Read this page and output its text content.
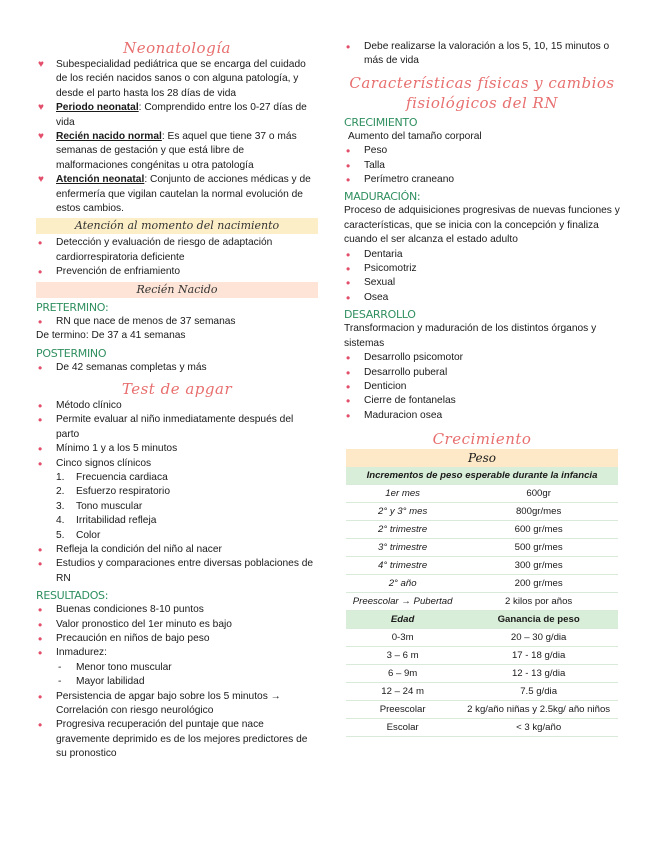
Neonatología
♥ Subespecialidad pediátrica que se encarga del cuidado de los recién nacidos sanos o con alguna patología, y desde el parto hasta los 28 días de vida
♥ Periodo neonatal: Comprendido entre los 0-27 días de vida
♥ Recién nacido normal: Es aquel que tiene 37 o más semanas de gestación y que está libre de malformaciones congénitas u otra patología
♥ Atención neonatal: Conjunto de acciones médicas y de enfermería que vigilan cautelan la normal evolución de estos cambios.
Atención al momento del nacimiento
• Detección y evaluación de riesgo de adaptación cardiorrespiratoria deficiente
• Prevención de enfriamiento
Recién Nacido
PRETERMINO:
• RN que nace de menos de 37 semanas

De termino: De 37 a 41 semanas

POSTERMINO
• De 42 semanas completas y más
Test de apgar
• Método clínico
• Permite evaluar al niño inmediatamente después del parto
• Mínimo 1 y a los 5 minutos
• Cinco signos clínicos
1. Frecuencia cardiaca
2. Esfuerzo respiratorio
3. Tono muscular
4. Irritabilidad refleja
5. Color
• Refleja la condición del niño al nacer
• Estudios y comparaciones entre diversas poblaciones de RN
RESULTADOS:
• Buenas condiciones 8-10 puntos
• Valor pronostico del 1er minuto es bajo
• Precaución en niños de bajo peso
• Inmadurez:
- Menor tono muscular
- Mayor labilidad
• Persistencia de apgar bajo sobre los 5 minutos → Correlación con riesgo neurológico
• Progresiva recuperación del puntaje que nace gravemente deprimido es de los mejores predictores de su pronostico
• Debe realizarse la valoración a los 5, 10, 15 minutos o más de vida
Características físicas y cambios fisiológicos del RN
CRECIMIENTO

Aumento del tamaño corporal

• Peso
• Talla
• Perímetro craneano
MADURACIÓN:

Proceso de adquisiciones progresivas de nuevas funciones y características, que se inicia con la concepción y finaliza cuando el ser alcanza el estado adulto

• Dentaria
• Psicomotriz
• Sexual
• Osea
DESARROLLO

Transformacion y maduración de los distintos órganos y sistemas

• Desarrollo psicomotor
• Desarrollo puberal
• Denticion
• Cierre de fontanelas
• Maduracion osea
Crecimiento
Peso
Incrementos de peso esperable durante la infancia	
1er mes	600gr
2° y 3° mes	800gr/mes
2° trimestre	600 gr/mes
3° trimestre	500 gr/mes
4° trimestre	300 gr/mes
2° año	200 gr/mes
Preescolar → Pubertad	2 kilos por años
Edad	Ganancia de peso
0-3m	20 – 30 g/dia
3 – 6 m	17 - 18 g/dia
6 – 9m	12 - 13 g/dia
12 – 24 m	7.5 g/dia
Preescolar	2 kg/año niñas y 2.5kg/ año niños
Escolar	< 3 kg/año
